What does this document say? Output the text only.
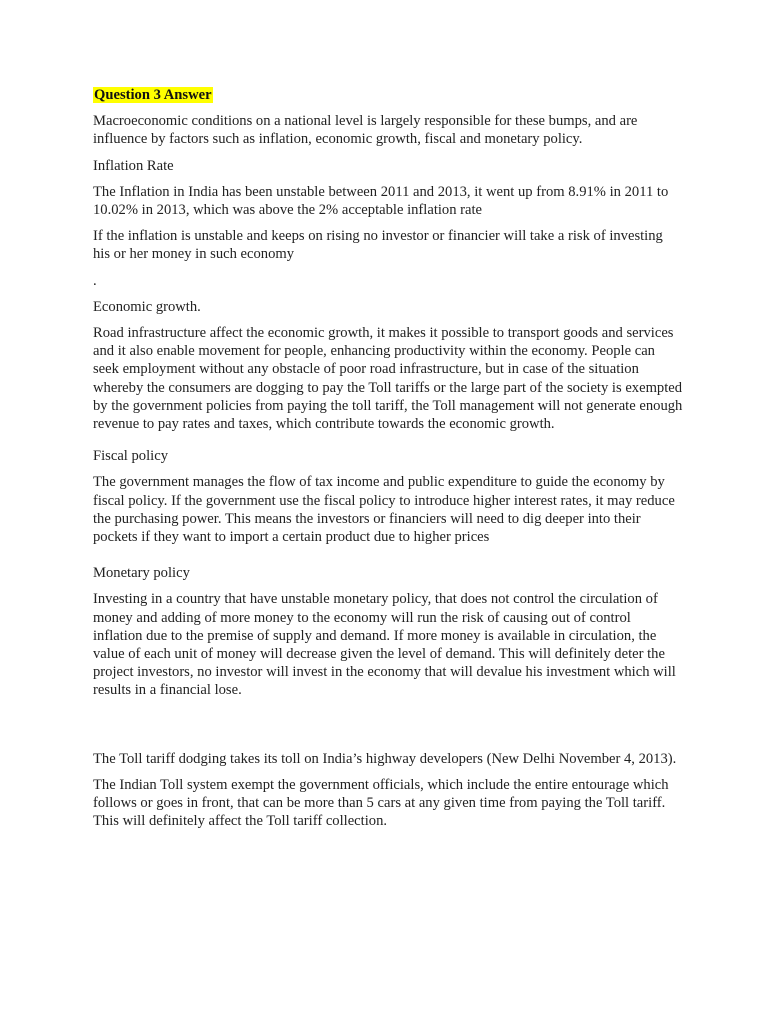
Question 3 Answer

Macroeconomic conditions on a national level is largely responsible for these bumps, and are influence by factors such as inflation, economic growth, fiscal and monetary policy.

Inflation Rate

The Inflation in India has been unstable between 2011 and 2013, it went up from 8.91% in 2011 to 10.02% in 2013, which was above the 2% acceptable inflation rate

If the inflation is unstable and keeps on rising no investor or financier will take a risk of investing his or her money in such economy

.

Economic growth.

Road infrastructure affect the economic growth, it makes it possible to transport goods and services and it also enable movement for people, enhancing productivity within the economy. People can seek employment without any obstacle of poor road infrastructure, but in case of the situation whereby the consumers are dogging to pay the Toll tariffs or the large part of the society is exempted by the government policies from paying the toll tariff, the Toll management will not generate enough revenue to pay rates and taxes, which contribute towards the economic growth.

Fiscal policy

The government manages the flow of tax income and public expenditure to guide the economy by fiscal policy. If the government use the fiscal policy to introduce higher interest rates, it may reduce the purchasing power. This means the investors or financiers will need to dig deeper into their pockets if they want to import a certain product due to higher prices

Monetary policy

Investing in a country that have unstable monetary policy, that does not control the circulation of money and adding of more money to the economy will run the risk of causing out of control inflation due to the premise of supply and demand. If more money is available in circulation, the value of each unit of money will decrease given the level of demand. This will definitely deter the project investors, no investor will invest in the economy that will devalue his investment which will results in a financial lose.

The Toll tariff dodging takes its toll on India’s highway developers (New Delhi November 4, 2013).

The Indian Toll system exempt the government officials, which include the entire entourage which follows or goes in front, that can be more than 5 cars at any given time from paying the Toll tariff. This will definitely affect the Toll tariff collection.
